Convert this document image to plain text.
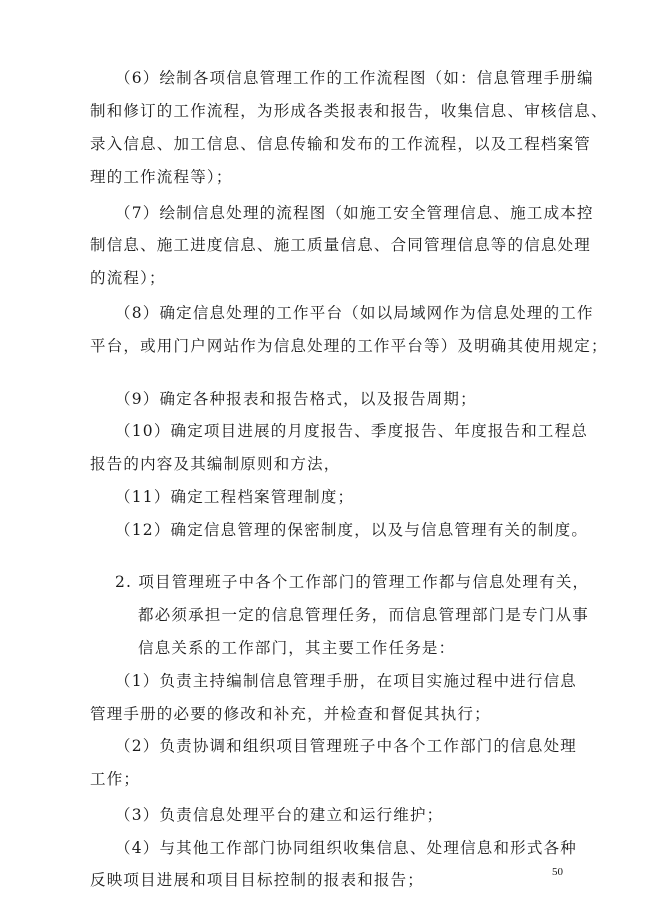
（6）绘制各项信息管理工作的工作流程图（如：信息管理手册编
制和修订的工作流程，为形成各类报表和报告，收集信息、审核信息、
录入信息、加工信息、信息传输和发布的工作流程，以及工程档案管
理的工作流程等）；
（7）绘制信息处理的流程图（如施工安全管理信息、施工成本控
制信息、施工进度信息、施工质量信息、合同管理信息等的信息处理
的流程）；
（8）确定信息处理的工作平台（如以局域网作为信息处理的工作
平台，或用门户网站作为信息处理的工作平台等）及明确其使用规定；
（9）确定各种报表和报告格式，以及报告周期；
（10）确定项目进展的月度报告、季度报告、年度报告和工程总
报告的内容及其编制原则和方法，
（11）确定工程档案管理制度；
（12）确定信息管理的保密制度，以及与信息管理有关的制度。
2. 项目管理班子中各个工作部门的管理工作都与信息处理有关，
都必须承担一定的信息管理任务，而信息管理部门是专门从事
信息关系的工作部门，其主要工作任务是：
（1）负责主持编制信息管理手册，在项目实施过程中进行信息
管理手册的必要的修改和补充，并检查和督促其执行；
（2）负责协调和组织项目管理班子中各个工作部门的信息处理
工作；
（3）负责信息处理平台的建立和运行维护；
（4）与其他工作部门协同组织收集信息、处理信息和形式各种
反映项目进展和项目目标控制的报表和报告；	50
